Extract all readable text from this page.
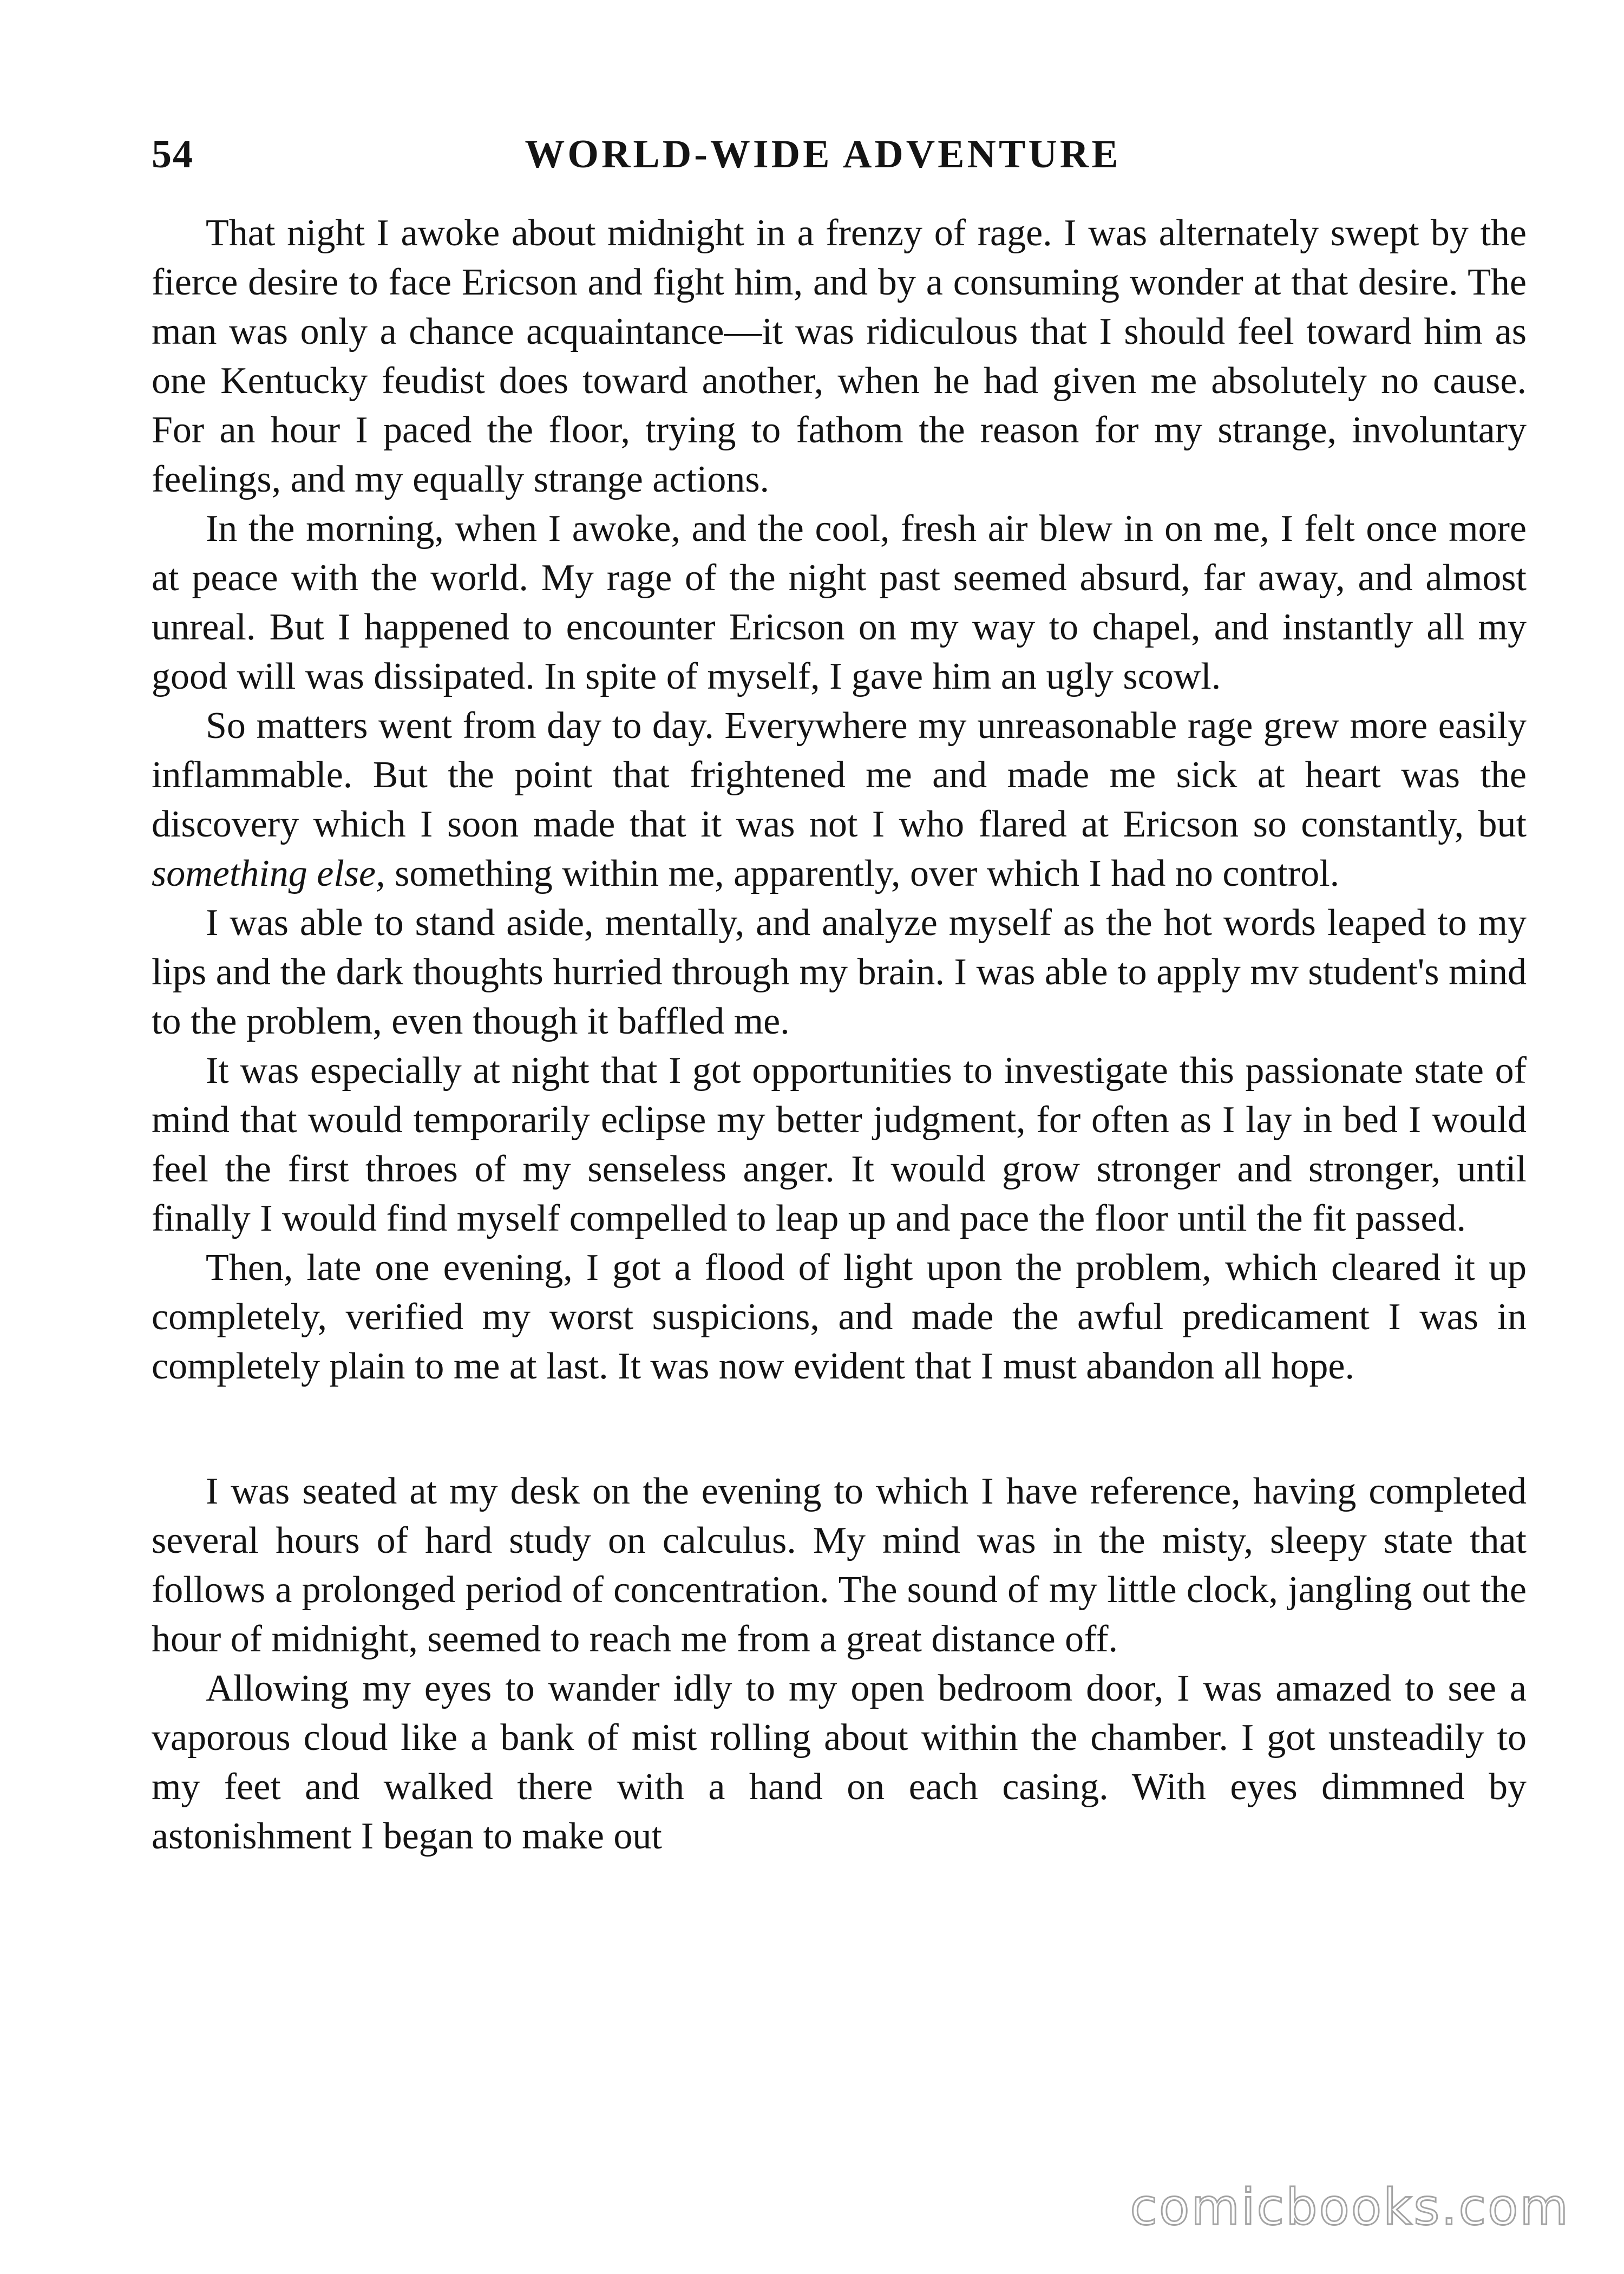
54	WORLD-WIDE ADVENTURE

That night I awoke about midnight in a frenzy of rage. I was alternately swept by the fierce desire to face Ericson and fight him, and by a consuming wonder at that desire. The man was only a chance acquaintance—it was ridiculous that I should feel toward him as one Kentucky feudist does toward another, when he had given me absolutely no cause. For an hour I paced the floor, trying to fathom the reason for my strange, involuntary feelings, and my equally strange actions.

In the morning, when I awoke, and the cool, fresh air blew in on me, I felt once more at peace with the world. My rage of the night past seemed absurd, far away, and almost unreal. But I happened to encounter Ericson on my way to chapel, and instantly all my good will was dissipated. In spite of myself, I gave him an ugly scowl.

So matters went from day to day. Everywhere my unreasonable rage grew more easily inflammable. But the point that frightened me and made me sick at heart was the discovery which I soon made that it was not I who flared at Ericson so constantly, but something else, something within me, apparently, over which I had no control.

I was able to stand aside, mentally, and analyze myself as the hot words leaped to my lips and the dark thoughts hurried through my brain. I was able to apply mv student's mind to the problem, even though it baffled me.

It was especially at night that I got opportunities to investigate this passionate state of mind that would temporarily eclipse my better judgment, for often as I lay in bed I would feel the first throes of my senseless anger. It would grow stronger and stronger, until finally I would find myself compelled to leap up and pace the floor until the fit passed.

Then, late one evening, I got a flood of light upon the problem, which cleared it up completely, verified my worst suspicions, and made the awful predicament I was in completely plain to me at last. It was now evident that I must abandon all hope.

I was seated at my desk on the evening to which I have reference, having completed several hours of hard study on calculus. My mind was in the misty, sleepy state that follows a prolonged period of concentration. The sound of my little clock, jangling out the hour of midnight, seemed to reach me from a great distance off.

Allowing my eyes to wander idly to my open bedroom door, I was amazed to see a vaporous cloud like a bank of mist rolling about within the chamber. I got unsteadily to my feet and walked there with a hand on each casing. With eyes dimmned by astonishment I began to make out

comicbooks.com
